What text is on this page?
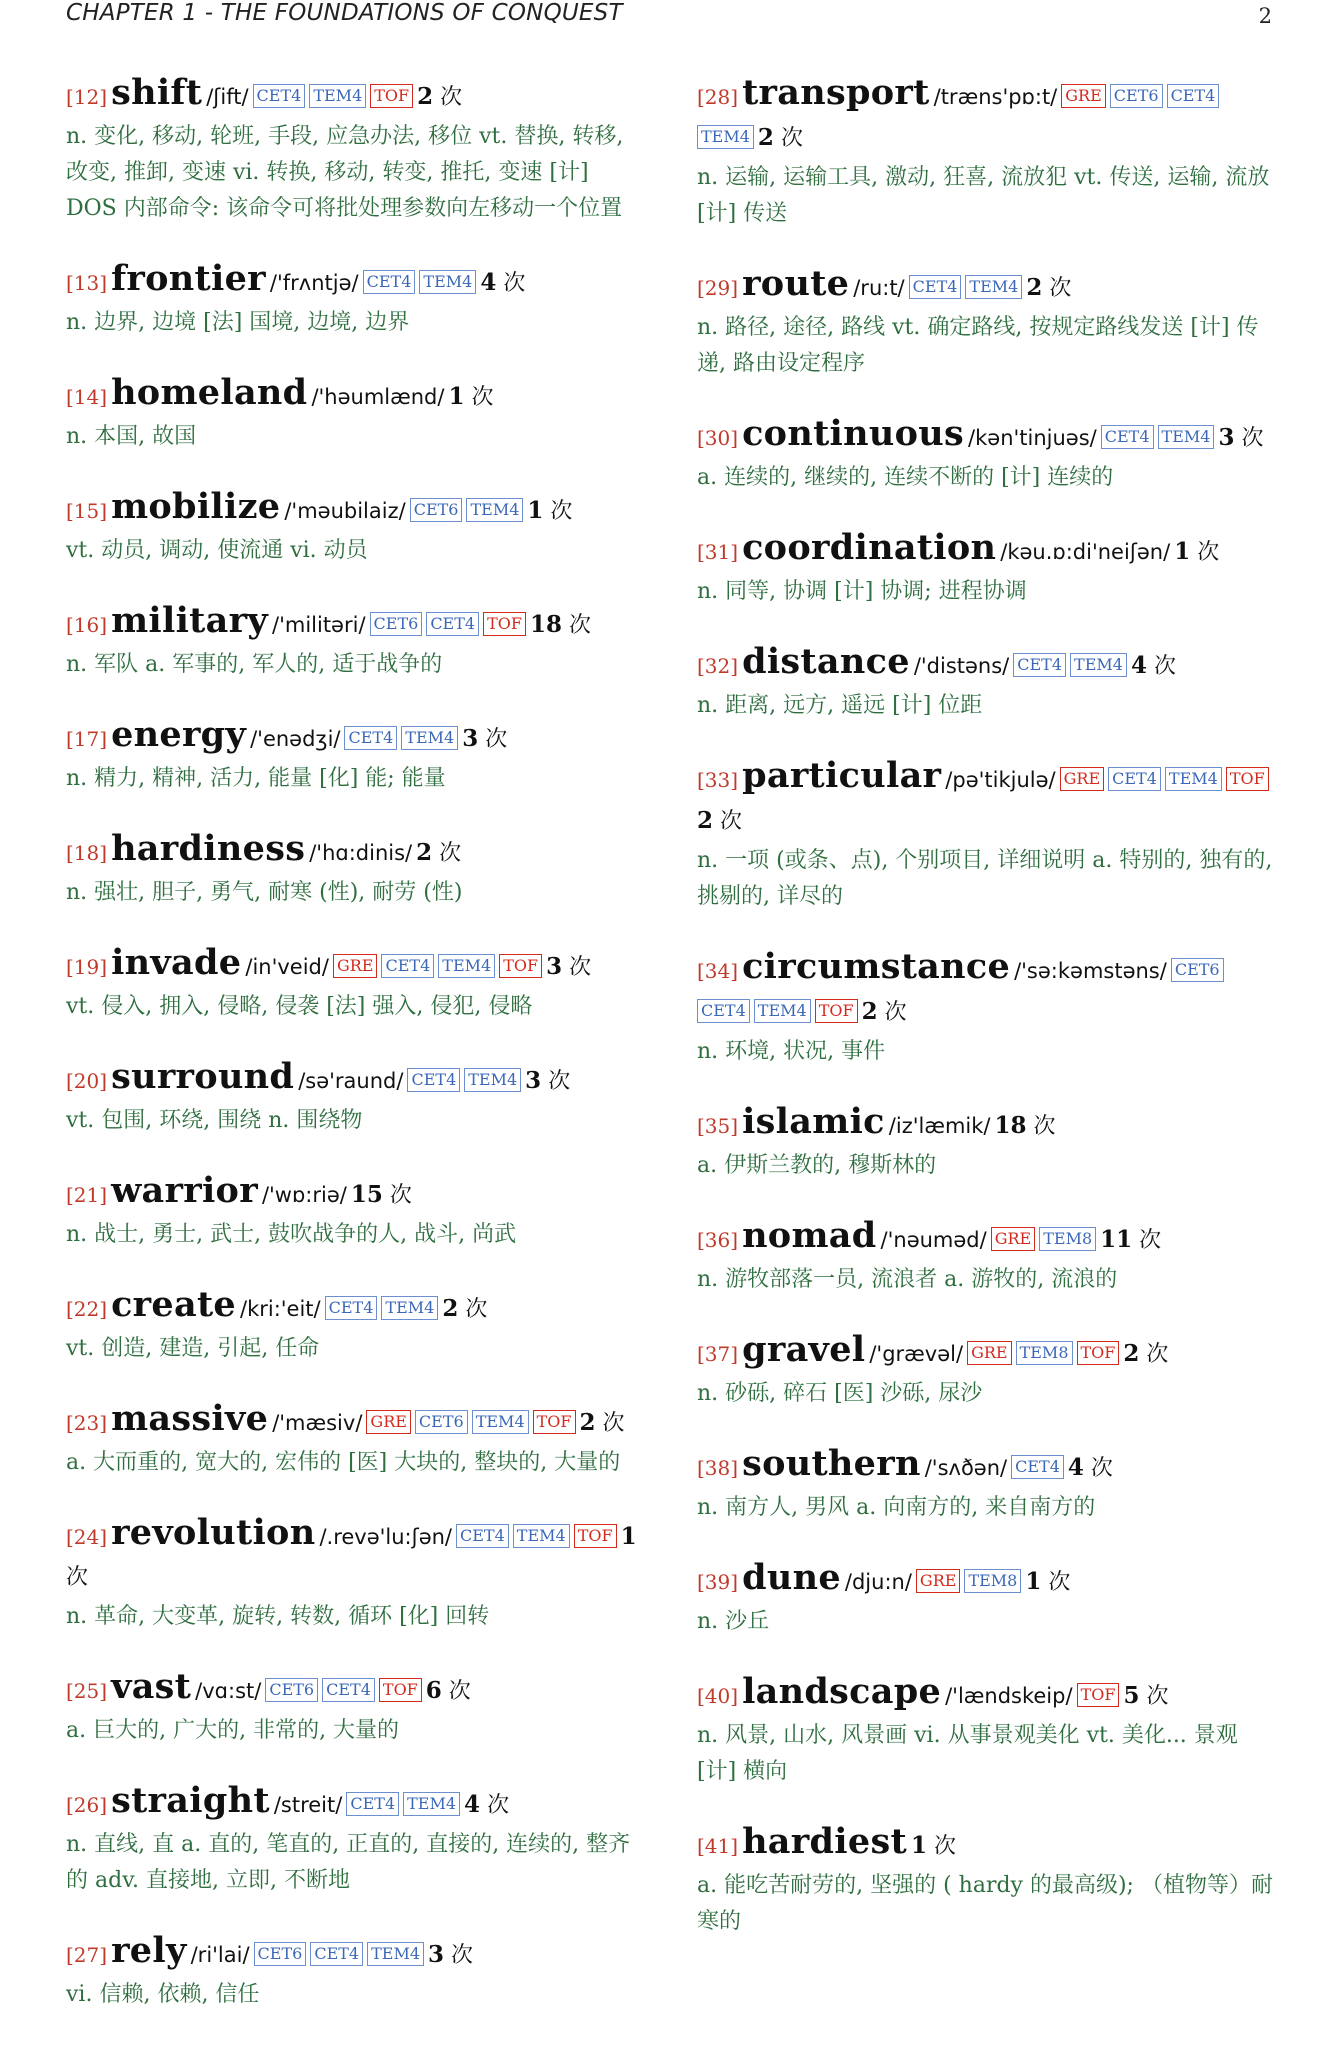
CHAPTER 1 - THE FOUNDATIONS OF CONQUEST	2
[12] shift /ʃift/ CET4 TEM4 TOF 2 次
n. 变化, 移动, 轮班, 手段, 应急办法, 移位 vt. 替换, 转移, 改变, 推卸, 变速 vi. 转换, 移动, 转变, 推托, 变速 [计] DOS 内部命令: 该命令可将批处理参数向左移动一个位置
[13] frontier /'frʌntjə/ CET4 TEM4 4 次
n. 边界, 边境 [法] 国境, 边境, 边界
[14] homeland /'həumlænd/ 1 次
n. 本国, 故国
[15] mobilize /'məubilaiz/ CET6 TEM4 1 次
vt. 动员, 调动, 使流通 vi. 动员
[16] military /'militəri/ CET6 CET4 TOF 18 次
n. 军队 a. 军事的, 军人的, 适于战争的
[17] energy /'enədʒi/ CET4 TEM4 3 次
n. 精力, 精神, 活力, 能量 [化] 能; 能量
[18] hardiness /'hɑ:dinis/ 2 次
n. 强壮, 胆子, 勇气, 耐寒 (性), 耐劳 (性)
[19] invade /in'veid/ GRE CET4 TEM4 TOF 3 次
vt. 侵入, 拥入, 侵略, 侵袭 [法] 强入, 侵犯, 侵略
[20] surround /sə'raund/ CET4 TEM4 3 次
vt. 包围, 环绕, 围绕 n. 围绕物
[21] warrior /'wɒ:riə/ 15 次
n. 战士, 勇士, 武士, 鼓吹战争的人, 战斗, 尚武
[22] create /kri:'eit/ CET4 TEM4 2 次
vt. 创造, 建造, 引起, 任命
[23] massive /'mæsiv/ GRE CET6 TEM4 TOF 2 次
a. 大而重的, 宽大的, 宏伟的 [医] 大块的, 整块的, 大量的
[24] revolution /.revə'lu:ʃən/ CET4 TEM4 TOF 1 次
n. 革命, 大变革, 旋转, 转数, 循环 [化] 回转
[25] vast /vɑ:st/ CET6 CET4 TOF 6 次
a. 巨大的, 广大的, 非常的, 大量的
[26] straight /streit/ CET4 TEM4 4 次
n. 直线, 直 a. 直的, 笔直的, 正直的, 直接的, 连续的, 整齐的 adv. 直接地, 立即, 不断地
[27] rely /ri'lai/ CET6 CET4 TEM4 3 次
vi. 信赖, 依赖, 信任
[28] transport /træns'pɒ:t/ GRE CET6 CET4TEM4 2 次
n. 运输, 运输工具, 激动, 狂喜, 流放犯 vt. 传送, 运输, 流放 [计] 传送
[29] route /ru:t/ CET4 TEM4 2 次
n. 路径, 途径, 路线 vt. 确定路线, 按规定路线发送 [计] 传递, 路由设定程序
[30] continuous /kən'tinjuəs/ CET4 TEM4 3 次
a. 连续的, 继续的, 连续不断的 [计] 连续的
[31] coordination /kəu.ɒ:di'neiʃən/ 1 次
n. 同等, 协调 [计] 协调; 进程协调
[32] distance /'distəns/ CET4 TEM4 4 次
n. 距离, 远方, 遥远 [计] 位距
[33] particular /pə'tikjulə/ GRE CET4 TEM4 TOF2 次
n. 一项 (或条、点), 个别项目, 详细说明 a. 特别的, 独有的, 挑剔的, 详尽的
[34] circumstance /'sə:kəmstəns/ CET6CET4 TEM4 TOF 2 次
n. 环境, 状况, 事件
[35] islamic /iz'læmik/ 18 次
a. 伊斯兰教的, 穆斯林的
[36] nomad /'nəuməd/ GRE TEM8 11 次
n. 游牧部落一员, 流浪者 a. 游牧的, 流浪的
[37] gravel /'grævəl/ GRE TEM8 TOF 2 次
n. 砂砾, 碎石 [医] 沙砾, 尿沙
[38] southern /'sʌðən/ CET4 4 次
n. 南方人, 男风 a. 向南方的, 来自南方的
[39] dune /dju:n/ GRE TEM8 1 次
n. 沙丘
[40] landscape /'lændskeip/ TOF 5 次
n. 风景, 山水, 风景画 vi. 从事景观美化 vt. 美化... 景观 [计] 横向
[41] hardiest 1 次
a. 能吃苦耐劳的, 坚强的 ( hardy 的最高级); （植物等）耐寒的
